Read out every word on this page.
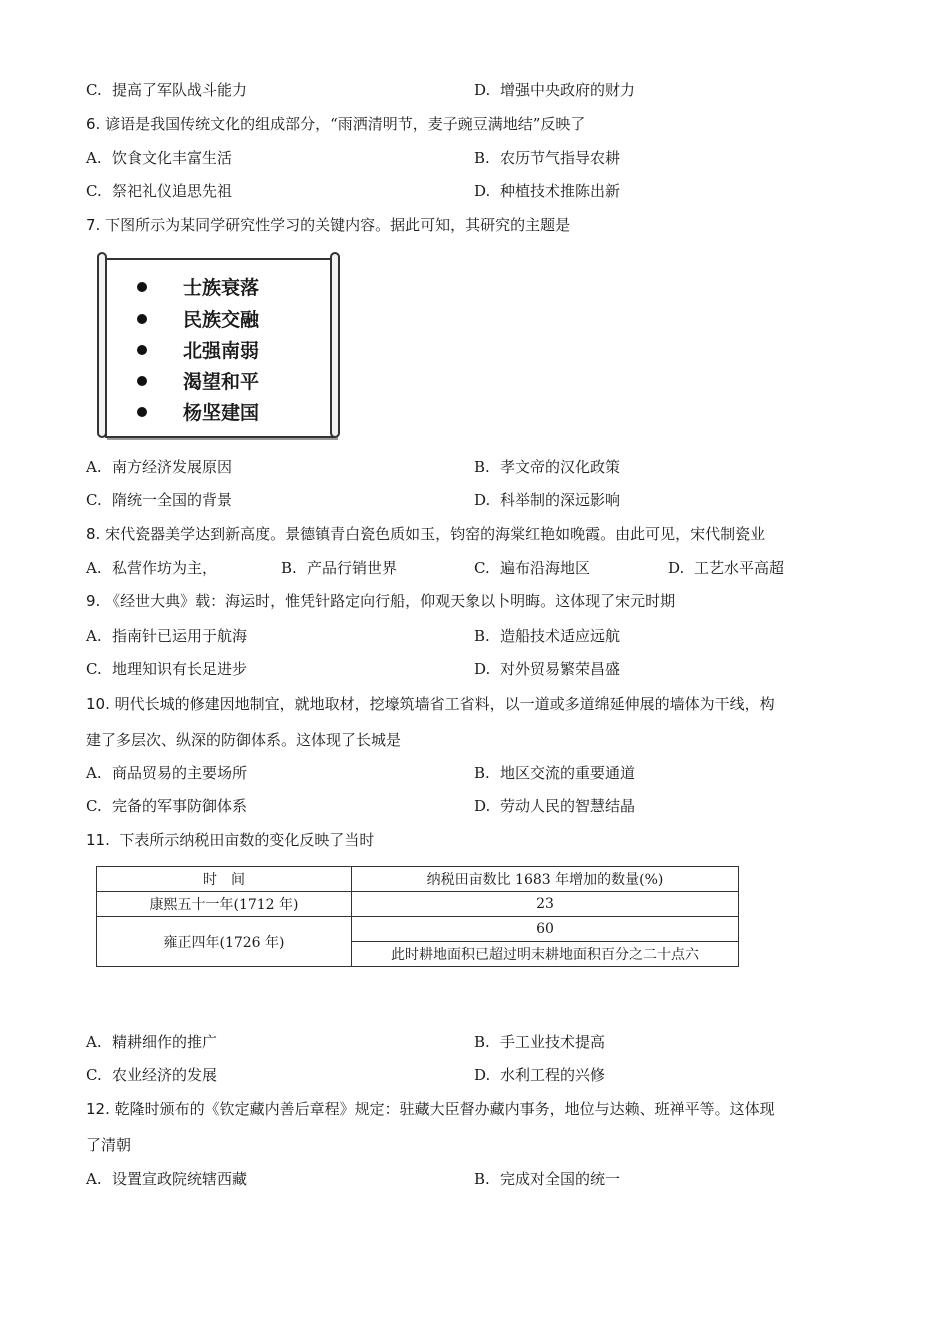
C. 提高了军队战斗能力	D. 增强中央政府的财力
6. 谚语是我国传统文化的组成部分，“雨洒清明节，麦子豌豆满地结”反映了
A. 饮食文化丰富生活	B. 农历节气指导农耕
C. 祭祀礼仪追思先祖	D. 种植技术推陈出新
7. 下图所示为某同学研究性学习的关键内容。据此可知，其研究的主题是
士族衰落
民族交融
北强南弱
渴望和平
杨坚建国
A. 南方经济发展原因	B. 孝文帝的汉化政策
C. 隋统一全国的背景	D. 科举制的深远影响
8. 宋代瓷器美学达到新高度。景德镇青白瓷色质如玉，钧窑的海棠红艳如晚霞。由此可见，宋代制瓷业
A. 私营作坊为主，	B. 产品行销世界	C. 遍布沿海地区	D. 工艺水平高超
9. 《经世大典》载：海运时，惟凭针路定向行船，仰观天象以卜明晦。这体现了宋元时期
A. 指南针已运用于航海	B. 造船技术适应远航
C. 地理知识有长足进步	D. 对外贸易繁荣昌盛
10. 明代长城的修建因地制宜，就地取材，挖壕筑墙省工省料，以一道或多道绵延伸展的墙体为干线，构
建了多层次、纵深的防御体系。这体现了长城是
A. 商品贸易的主要场所	B. 地区交流的重要通道
C. 完备的军事防御体系	D. 劳动人民的智慧结晶
11. 下表所示纳税田亩数的变化反映了当时
时　间	纳税田亩数比 1683 年增加的数量(%)
康熙五十一年(1712 年)	23
雍正四年(1726 年)	60
	此时耕地面积已超过明末耕地面积百分之二十点六
A. 精耕细作的推广	B. 手工业技术提高
C. 农业经济的发展	D. 水利工程的兴修
12. 乾隆时颁布的《钦定藏内善后章程》规定：驻藏大臣督办藏内事务，地位与达赖、班禅平等。这体现
了清朝
A. 设置宣政院统辖西藏	B. 完成对全国的统一
